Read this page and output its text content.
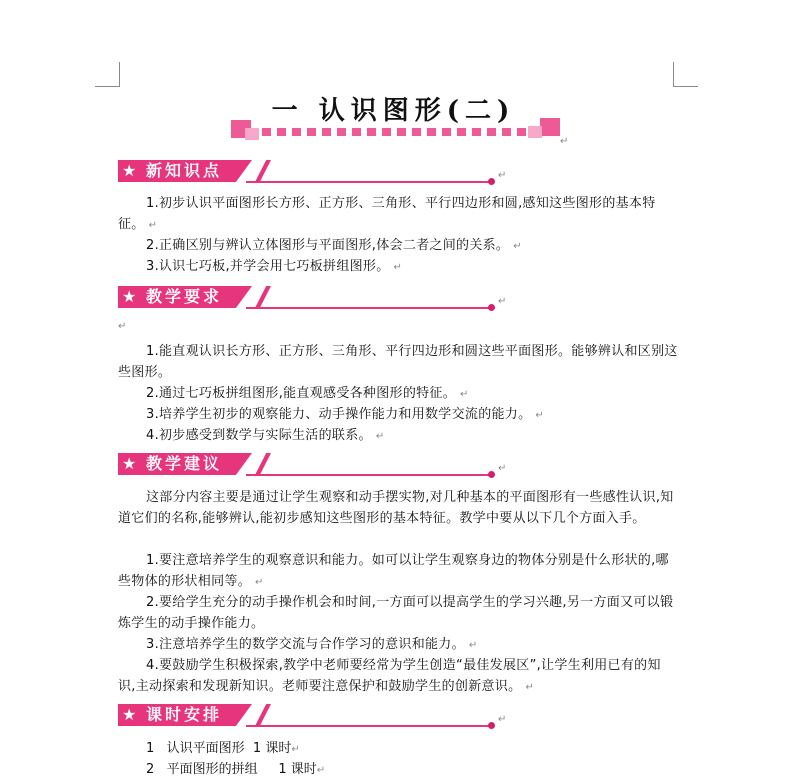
一 认识图形(二)
↵
★ 新知识点	↵

1.初步认识平面图形长方形、正方形、三角形、平行四边形和圆,感知这些图形的基本特征。 ↵

2.正确区别与辨认立体图形与平面图形,体会二者之间的关系。 ↵

3.认识七巧板,并学会用七巧板拼组图形。 ↵

★ 教学要求	↵
↵

1.能直观认识长方形、正方形、三角形、平行四边形和圆这些平面图形。能够辨认和区别这些图形。

2.通过七巧板拼组图形,能直观感受各种图形的特征。 ↵

3.培养学生初步的观察能力、动手操作能力和用数学交流的能力。 ↵

4.初步感受到数学与实际生活的联系。 ↵

★ 教学建议	↵

这部分内容主要是通过让学生观察和动手摆实物,对几种基本的平面图形有一些感性认识,知道它们的名称,能够辨认,能初步感知这些图形的基本特征。教学中要从以下几个方面入手。

1.要注意培养学生的观察意识和能力。如可以让学生观察身边的物体分别是什么形状的,哪些物体的形状相同等。 ↵

2.要给学生充分的动手操作机会和时间,一方面可以提高学生的学习兴趣,另一方面又可以锻炼学生的动手操作能力。

3.注意培养学生的数学交流与合作学习的意识和能力。 ↵

4.要鼓励学生积极探索,教学中老师要经常为学生创造“最佳发展区”,让学生利用已有的知识,主动探索和发现新知识。老师要注意保护和鼓励学生的创新意识。 ↵

★ 课时安排	↵

1   认识平面图形  1 课时↵

2   平面图形的拼组     1 课时↵
